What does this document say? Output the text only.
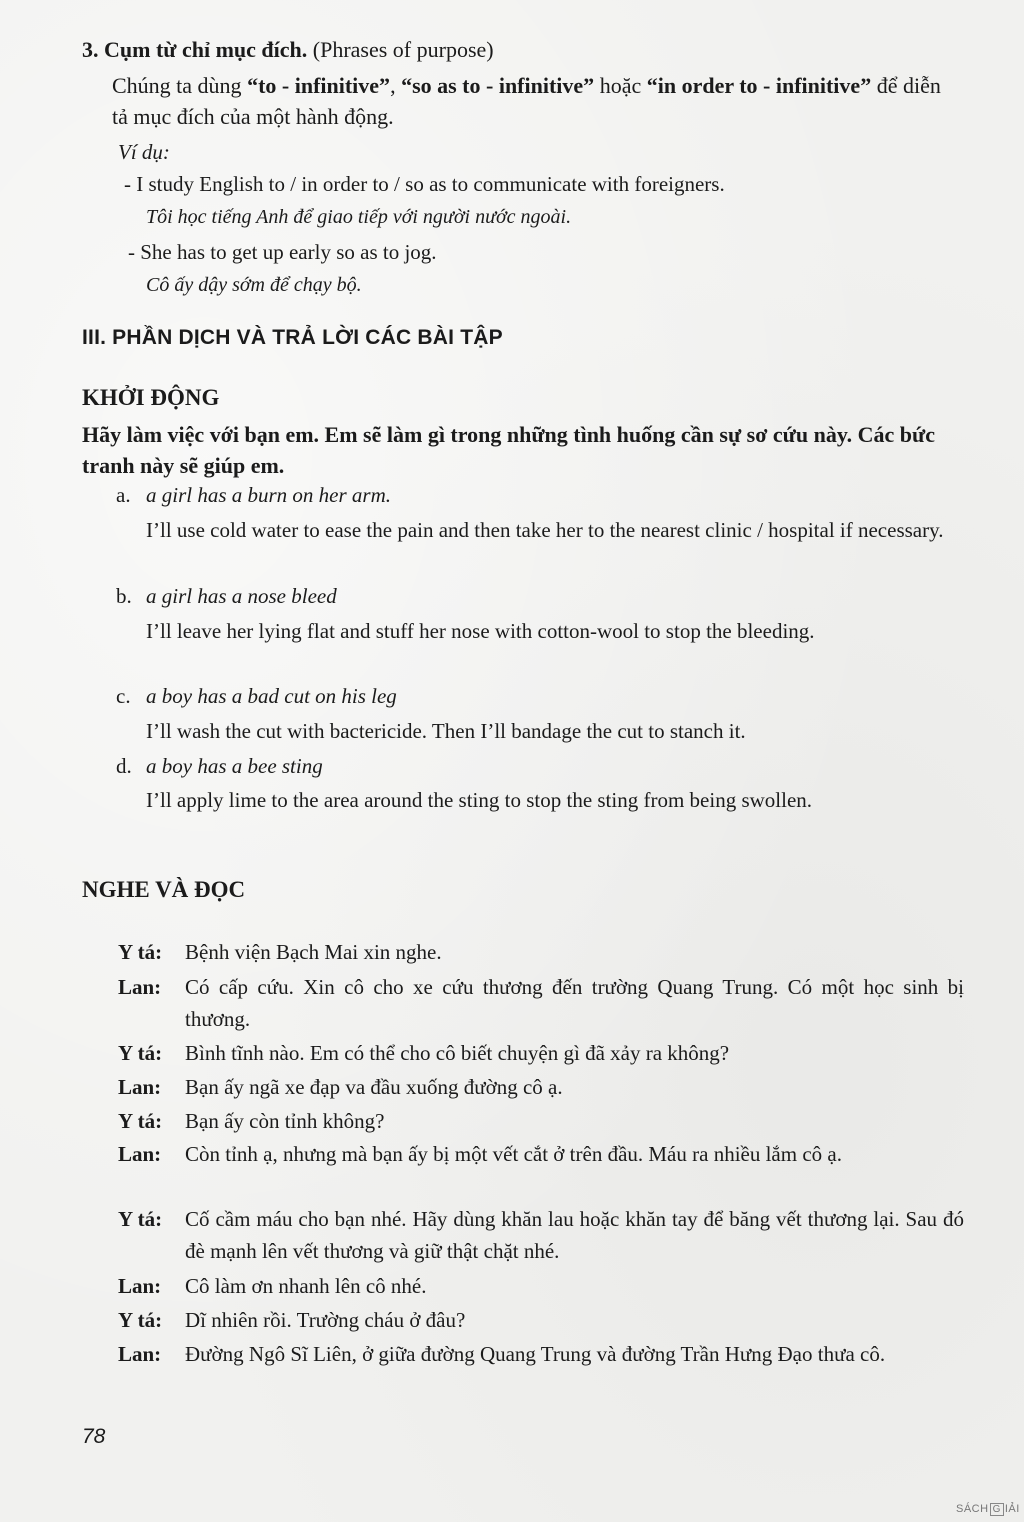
3. Cụm từ chỉ mục đích. (Phrases of purpose)
Chúng ta dùng “to - infinitive”, “so as to - infinitive” hoặc “in order to - infinitive” để diễn tả mục đích của một hành động.
Ví dụ:
- I study English to / in order to / so as to communicate with foreigners.
Tôi học tiếng Anh để giao tiếp với người nước ngoài.
- She has to get up early so as to jog.
Cô ấy dậy sớm để chạy bộ.
III. PHẦN DỊCH VÀ TRẢ LỜI CÁC BÀI TẬP
KHỞI ĐỘNG
Hãy làm việc với bạn em. Em sẽ làm gì trong những tình huống cần sự sơ cứu này. Các bức tranh này sẽ giúp em.
a. a girl has a burn on her arm.
I’ll use cold water to ease the pain and then take her to the nearest clinic / hospital if necessary.
b. a girl has a nose bleed
I’ll leave her lying flat and stuff her nose with cotton-wool to stop the bleeding.
c. a boy has a bad cut on his leg
I’ll wash the cut with bactericide. Then I’ll bandage the cut to stanch it.
d. a boy has a bee sting
I’ll apply lime to the area around the sting to stop the sting from being swollen.
NGHE VÀ ĐỌC
Y tá: Bệnh viện Bạch Mai xin nghe.
Lan: Có cấp cứu. Xin cô cho xe cứu thương đến trường Quang Trung. Có một học sinh bị thương.
Y tá: Bình tĩnh nào. Em có thể cho cô biết chuyện gì đã xảy ra không?
Lan: Bạn ấy ngã xe đạp va đầu xuống đường cô ạ.
Y tá: Bạn ấy còn tỉnh không?
Lan: Còn tỉnh ạ, nhưng mà bạn ấy bị một vết cắt ở trên đầu. Máu ra nhiều lắm cô ạ.
Y tá: Cố cầm máu cho bạn nhé. Hãy dùng khăn lau hoặc khăn tay để băng vết thương lại. Sau đó đè mạnh lên vết thương và giữ thật chặt nhé.
Lan: Cô làm ơn nhanh lên cô nhé.
Y tá: Dĩ nhiên rồi. Trường cháu ở đâu?
Lan: Đường Ngô Sĩ Liên, ở giữa đường Quang Trung và đường Trần Hưng Đạo thưa cô.
78
SÁCH G IẢI
